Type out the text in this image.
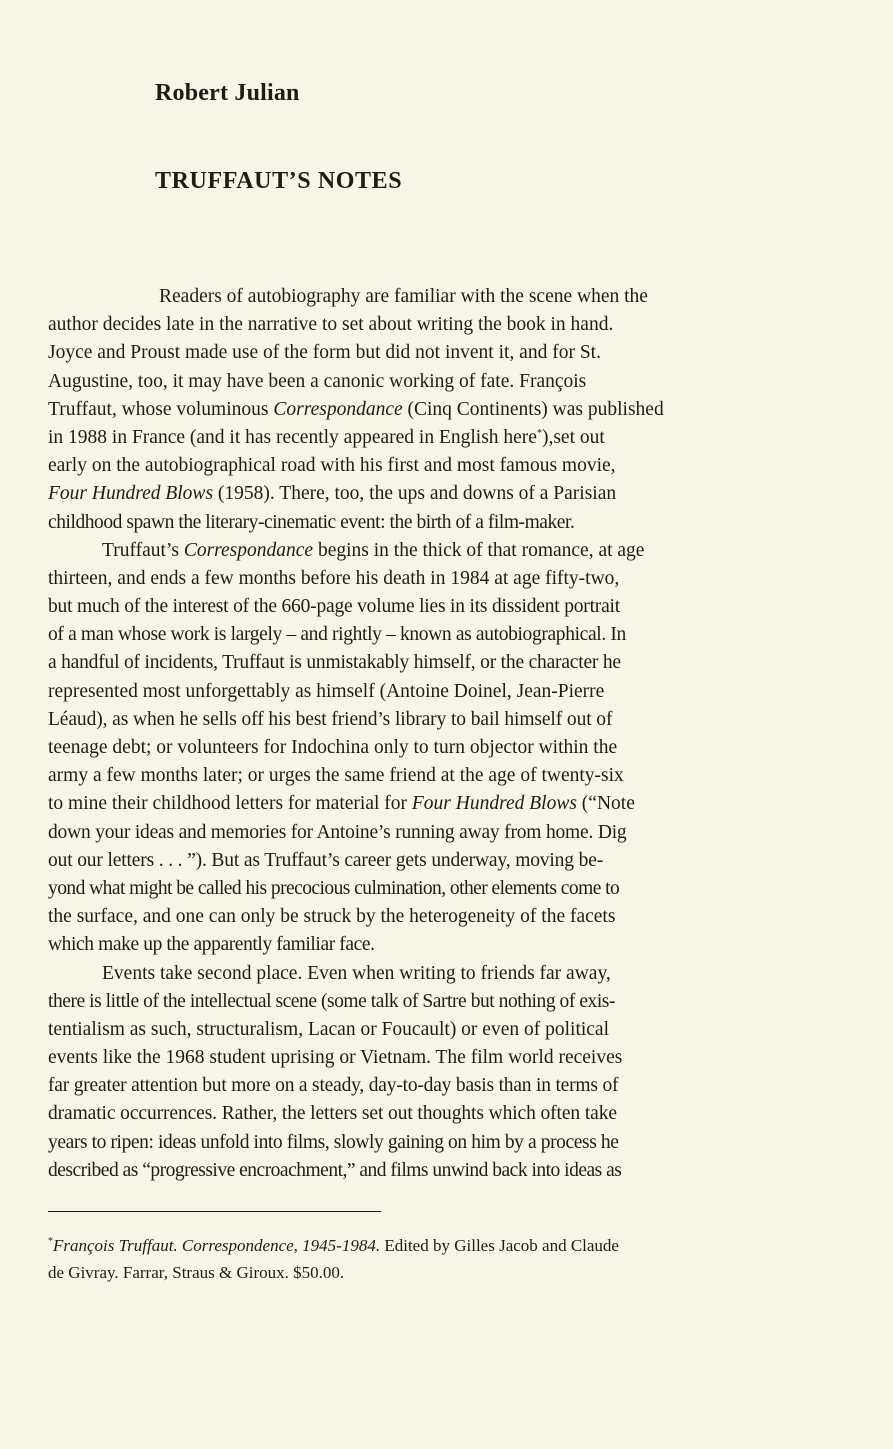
Robert Julian
TRUFFAUT’S NOTES
Readers of autobiography are familiar with the scene when the
author decides late in the narrative to set about writing the book in hand.
Joyce and Proust made use of the form but did not invent it, and for St.
Augustine, too, it may have been a canonic working of fate. François
Truffaut, whose voluminous Correspondance (Cinq Continents) was published
in 1988 in France (and it has recently appeared in English here*),set out
early on the autobiographical road with his first and most famous movie,
Four Hundred Blows (1958). There, too, the ups and downs of a Parisian
childhood spawn the literary-cinematic event: the birth of a film-maker.
Truffaut’s Correspondance begins in the thick of that romance, at age
thirteen, and ends a few months before his death in 1984 at age fifty-two,
but much of the interest of the 660-page volume lies in its dissident portrait
of a man whose work is largely – and rightly – known as autobiographical. In
a handful of incidents, Truffaut is unmistakably himself, or the character he
represented most unforgettably as himself (Antoine Doinel, Jean-Pierre
Léaud), as when he sells off his best friend’s library to bail himself out of
teenage debt; or volunteers for Indochina only to turn objector within the
army a few months later; or urges the same friend at the age of twenty-six
to mine their childhood letters for material for Four Hundred Blows (“Note
down your ideas and memories for Antoine’s running away from home. Dig
out our letters . . . ”). But as Truffaut’s career gets underway, moving be-
yond what might be called his precocious culmination, other elements come to
the surface, and one can only be struck by the heterogeneity of the facets
which make up the apparently familiar face.
Events take second place. Even when writing to friends far away,
there is little of the intellectual scene (some talk of Sartre but nothing of exis-
tentialism as such, structuralism, Lacan or Foucault) or even of political
events like the 1968 student uprising or Vietnam. The film world receives
far greater attention but more on a steady, day-to-day basis than in terms of
dramatic occurrences. Rather, the letters set out thoughts which often take
years to ripen: ideas unfold into films, slowly gaining on him by a process he
described as “progressive encroachment,” and films unwind back into ideas as
*François Truffaut. Correspondence, 1945-1984. Edited by Gilles Jacob and Claude
de Givray. Farrar, Straus & Giroux. $50.00.
